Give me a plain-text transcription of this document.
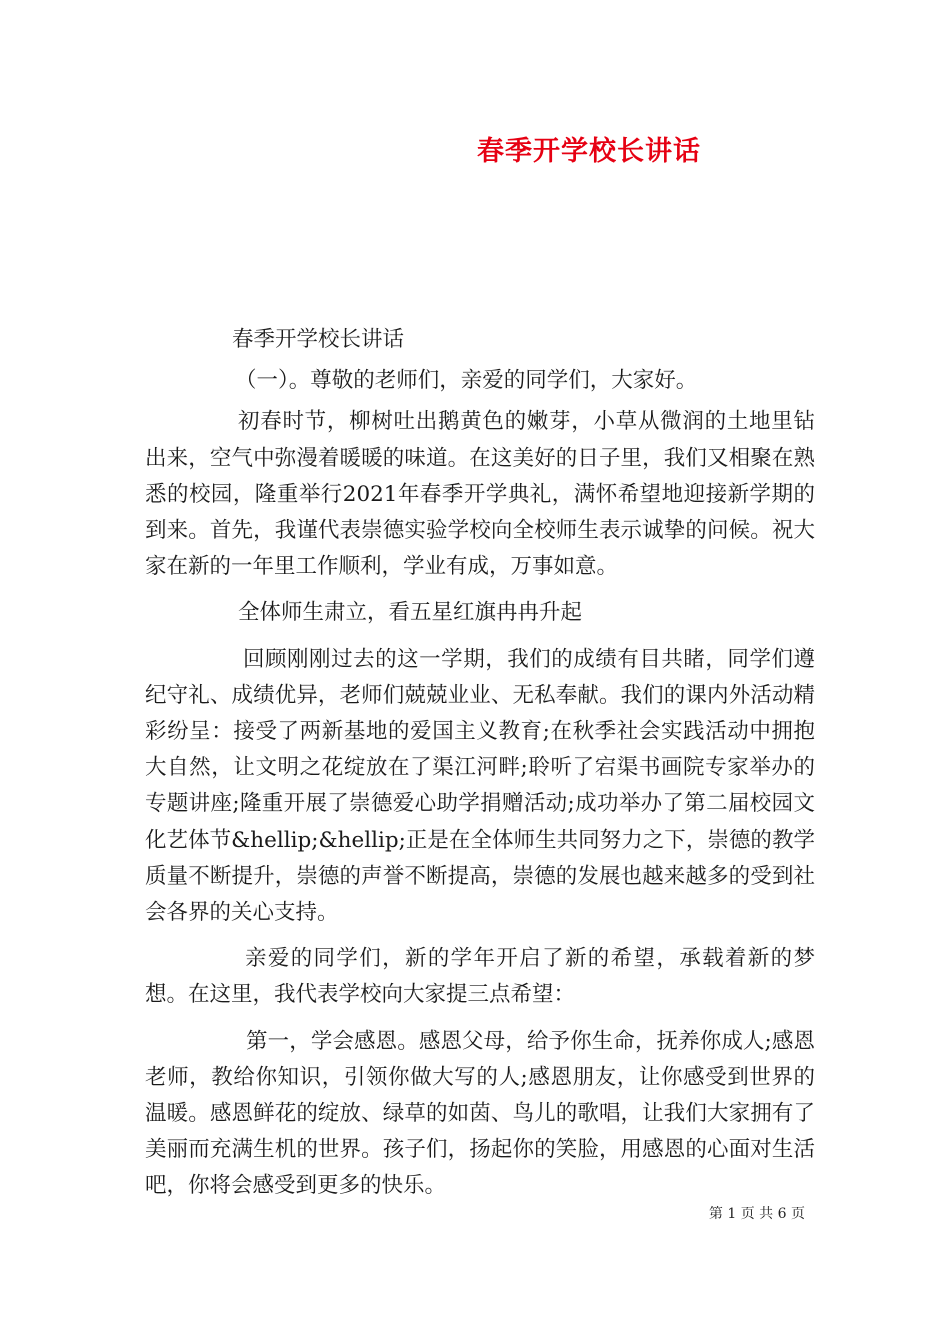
春季开学校长讲话

春季开学校长讲话

（一）。尊敬的老师们，亲爱的同学们，大家好。

初春时节，柳树吐出鹅黄色的嫩芽，小草从微润的土地里钻出来，空气中弥漫着暖暖的味道。在这美好的日子里，我们又相聚在熟悉的校园，隆重举行2021年春季开学典礼，满怀希望地迎接新学期的到来。首先，我谨代表崇德实验学校向全校师生表示诚挚的问候。祝大家在新的一年里工作顺利，学业有成，万事如意。

全体师生肃立，看五星红旗冉冉升起

回顾刚刚过去的这一学期，我们的成绩有目共睹，同学们遵纪守礼、成绩优异，老师们兢兢业业、无私奉献。我们的课内外活动精彩纷呈：接受了两新基地的爱国主义教育;在秋季社会实践活动中拥抱大自然，让文明之花绽放在了渠江河畔;聆听了宕渠书画院专家举办的专题讲座;隆重开展了崇德爱心助学捐赠活动;成功举办了第二届校园文化艺体节&hellip;&hellip;正是在全体师生共同努力之下，崇德的教学质量不断提升，崇德的声誉不断提高，崇德的发展也越来越多的受到社会各界的关心支持。

亲爱的同学们，新的学年开启了新的希望，承载着新的梦想。在这里，我代表学校向大家提三点希望：

第一，学会感恩。感恩父母，给予你生命，抚养你成人;感恩老师，教给你知识，引领你做大写的人;感恩朋友，让你感受到世界的温暖。感恩鲜花的绽放、绿草的如茵、鸟儿的歌唱，让我们大家拥有了美丽而充满生机的世界。孩子们，扬起你的笑脸，用感恩的心面对生活吧，你将会感受到更多的快乐。

第 1 页 共 6 页
